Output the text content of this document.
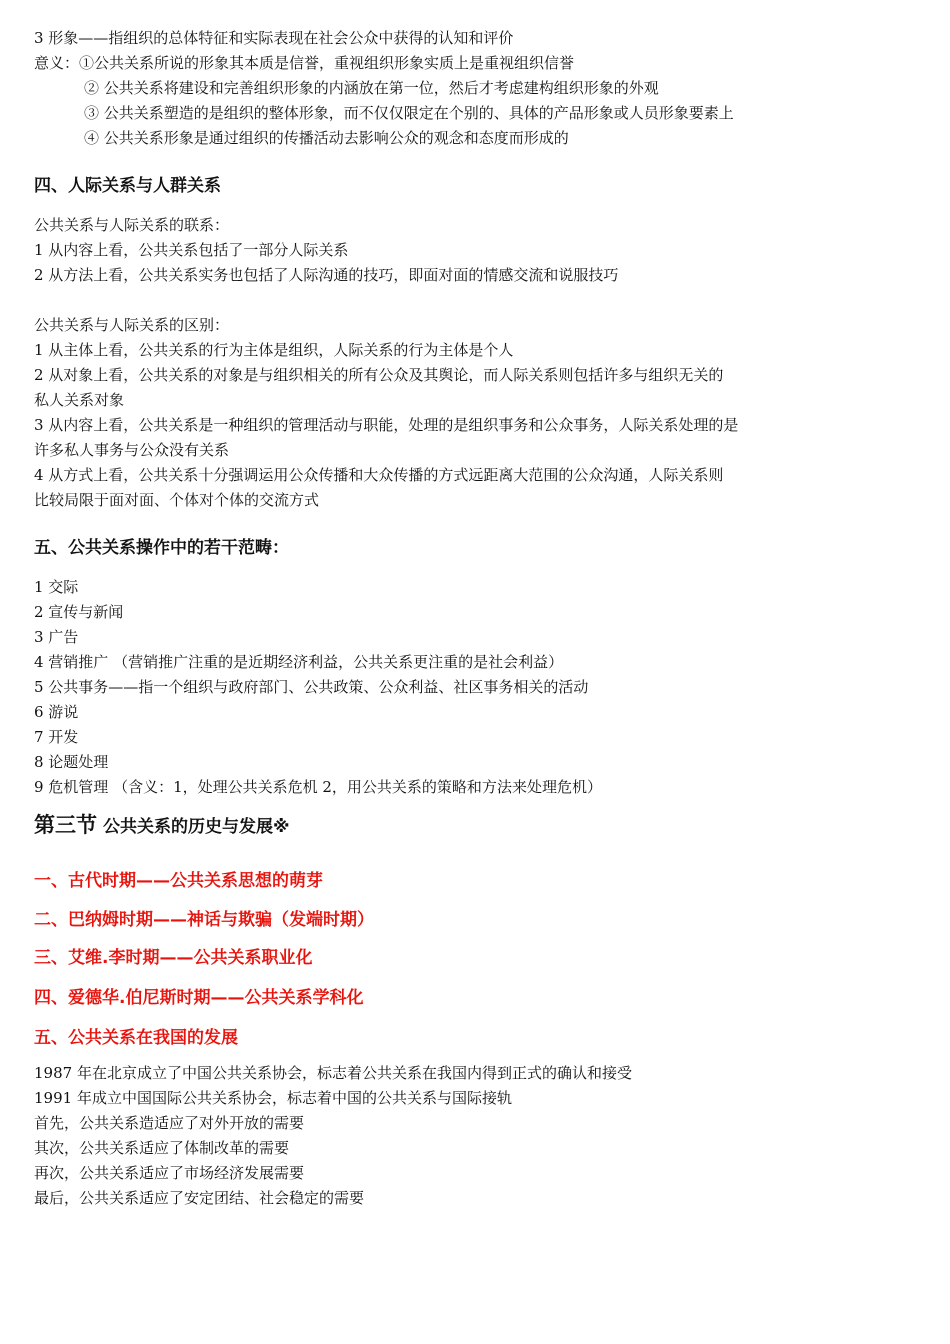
3 形象——指组织的总体特征和实际表现在社会公众中获得的认知和评价
意义：①公共关系所说的形象其本质是信誉，重视组织形象实质上是重视组织信誉
② 公共关系将建设和完善组织形象的内涵放在第一位，然后才考虑建构组织形象的外观
③ 公共关系塑造的是组织的整体形象，而不仅仅限定在个别的、具体的产品形象或人员形象要素上
④ 公共关系形象是通过组织的传播活动去影响公众的观念和态度而形成的
四、人际关系与人群关系
公共关系与人际关系的联系：
1 从内容上看，公共关系包括了一部分人际关系
2 从方法上看，公共关系实务也包括了人际沟通的技巧，即面对面的情感交流和说服技巧
公共关系与人际关系的区别：
1 从主体上看，公共关系的行为主体是组织，人际关系的行为主体是个人
2 从对象上看，公共关系的对象是与组织相关的所有公众及其舆论，而人际关系则包括许多与组织无关的
私人关系对象
3 从内容上看，公共关系是一种组织的管理活动与职能，处理的是组织事务和公众事务，人际关系处理的是
许多私人事务与公众没有关系
4 从方式上看，公共关系十分强调运用公众传播和大众传播的方式远距离大范围的公众沟通，人际关系则
比较局限于面对面、个体对个体的交流方式
五、公共关系操作中的若干范畴：
1 交际
2 宣传与新闻
3 广告
4 营销推广 （营销推广注重的是近期经济利益，公共关系更注重的是社会利益）
5 公共事务——指一个组织与政府部门、公共政策、公众利益、社区事务相关的活动
6 游说
7 开发
8 论题处理
9 危机管理 （含义：1，处理公共关系危机 2，用公共关系的策略和方法来处理危机）
第三节 公共关系的历史与发展※
一、古代时期——公共关系思想的萌芽
二、巴纳姆时期——神话与欺骗（发端时期）
三、艾维.李时期——公共关系职业化
四、爱德华.伯尼斯时期——公共关系学科化
五、公共关系在我国的发展
1987 年在北京成立了中国公共关系协会，标志着公共关系在我国内得到正式的确认和接受
1991 年成立中国国际公共关系协会，标志着中国的公共关系与国际接轨
首先，公共关系造适应了对外开放的需要
其次，公共关系适应了体制改革的需要
再次，公共关系适应了市场经济发展需要
最后，公共关系适应了安定团结、社会稳定的需要
